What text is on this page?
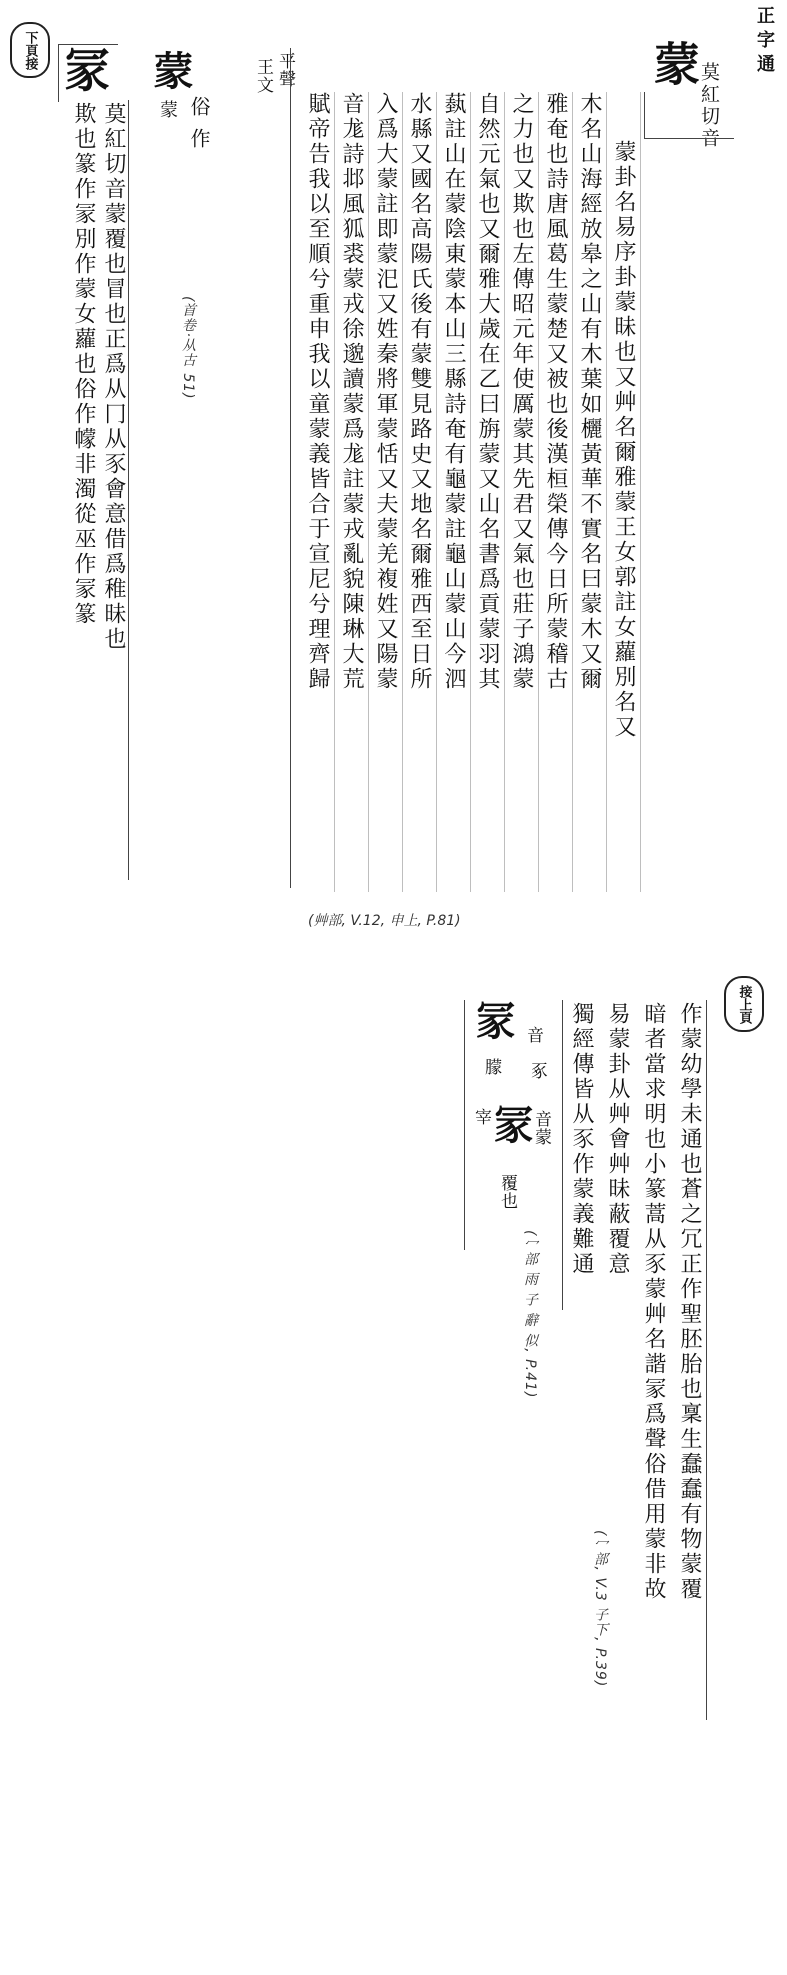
正字通
蒙
莫紅切音
蒙卦名易序卦蒙昧也又艸名爾雅蒙王女郭註女蘿別名又
木名山海經放皋之山有木葉如欐黃華不實名曰蒙木又爾
雅奄也詩唐風葛生蒙楚又被也後漢桓榮傳今日所蒙稽古
之力也又欺也左傳昭元年使厲蒙其先君又氣也莊子鴻蒙
自然元氣也又爾雅大歲在乙曰旃蒙又山名書爲貢蒙羽其
蓺註山在蒙陰東蒙本山三縣詩奄有龜蒙註龜山蒙山今泗
水縣又國名高陽氏後有蒙雙見路史又地名爾雅西至日所
入爲大蒙註即蒙汜又姓秦將軍蒙恬又夫蒙羌複姓又陽蒙
音尨詩邶風狐裘蒙戎徐邈讀蒙爲尨註蒙戎亂貌陳琳大荒
賦帝告我以至順兮重申我以童蒙義皆合于宣尼兮理齊歸
平聲
王文
(艸部, V.12, 申上, P.81)
蒙
俗作
蒙
(首卷·从古 51)
冡
莫紅切音蒙覆也冒也正爲从冂从豕會意借爲稚昧也
欺也篆作冡別作蒙女蘿也俗作幪非濁從巫作冡篆
下頁接
接上頁
作蒙幼學未通也蒼之冗正作聖胚胎也稟生蠢蠢有物蒙覆
暗者當求明也小篆蒿从豕蒙艸名諧冡爲聲俗借用蒙非故
易蒙卦从艸會艸昧蔽覆意
獨經傳皆从豕作蒙義難通
(冖部, V.3 子下, P.39)
冡 音
朦 豖
冡
音蒙
宰
覆也
(冖部 雨 子 辭 似, P.41)
